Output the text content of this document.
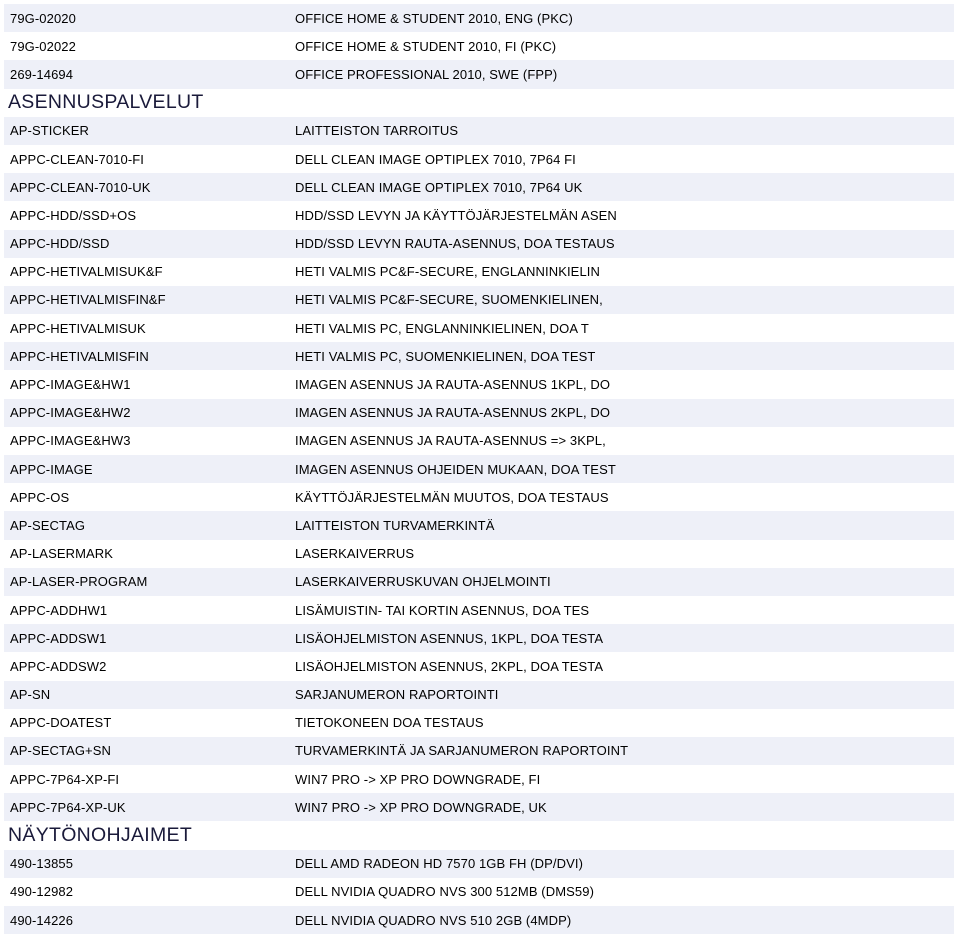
79G-02020	OFFICE HOME & STUDENT 2010, ENG (PKC)
79G-02022	OFFICE HOME & STUDENT 2010, FI (PKC)
269-14694	OFFICE PROFESSIONAL 2010, SWE (FPP)
ASENNUSPALVELUT
AP-STICKER	LAITTEISTON TARROITUS
APPC-CLEAN-7010-FI	DELL CLEAN IMAGE OPTIPLEX 7010, 7P64 FI
APPC-CLEAN-7010-UK	DELL CLEAN IMAGE OPTIPLEX 7010, 7P64 UK
APPC-HDD/SSD+OS	HDD/SSD LEVYN JA KÄYTTÖJÄRJESTELMÄN ASEN
APPC-HDD/SSD	HDD/SSD LEVYN RAUTA-ASENNUS, DOA TESTAUS
APPC-HETIVALMISUK&F	HETI VALMIS PC&F-SECURE, ENGLANNINKIELIN
APPC-HETIVALMISFIN&F	HETI VALMIS PC&F-SECURE, SUOMENKIELINEN,
APPC-HETIVALMISUK	HETI VALMIS PC, ENGLANNINKIELINEN, DOA T
APPC-HETIVALMISFIN	HETI VALMIS PC, SUOMENKIELINEN, DOA TEST
APPC-IMAGE&HW1	IMAGEN ASENNUS JA RAUTA-ASENNUS 1KPL, DO
APPC-IMAGE&HW2	IMAGEN ASENNUS JA RAUTA-ASENNUS 2KPL, DO
APPC-IMAGE&HW3	IMAGEN ASENNUS JA RAUTA-ASENNUS => 3KPL,
APPC-IMAGE	IMAGEN ASENNUS OHJEIDEN MUKAAN, DOA TEST
APPC-OS	KÄYTTÖJÄRJESTELMÄN MUUTOS, DOA TESTAUS
AP-SECTAG	LAITTEISTON TURVAMERKINTÄ
AP-LASERMARK	LASERKAIVERRUS
AP-LASER-PROGRAM	LASERKAIVERRUSKUVAN OHJELMOINTI
APPC-ADDHW1	LISÄMUISTIN- TAI KORTIN ASENNUS, DOA TES
APPC-ADDSW1	LISÄOHJELMISTON ASENNUS, 1KPL, DOA TESTA
APPC-ADDSW2	LISÄOHJELMISTON ASENNUS, 2KPL, DOA TESTA
AP-SN	SARJANUMERON RAPORTOINTI
APPC-DOATEST	TIETOKONEEN DOA TESTAUS
AP-SECTAG+SN	TURVAMERKINTÄ JA SARJANUMERON RAPORTOINT
APPC-7P64-XP-FI	WIN7 PRO -> XP PRO DOWNGRADE, FI
APPC-7P64-XP-UK	WIN7 PRO -> XP PRO DOWNGRADE, UK
NÄYTÖNOHJAIMET
490-13855	DELL AMD RADEON HD 7570 1GB FH (DP/DVI)
490-12982	DELL NVIDIA QUADRO NVS 300 512MB (DMS59)
490-14226	DELL NVIDIA QUADRO NVS 510 2GB (4MDP)
